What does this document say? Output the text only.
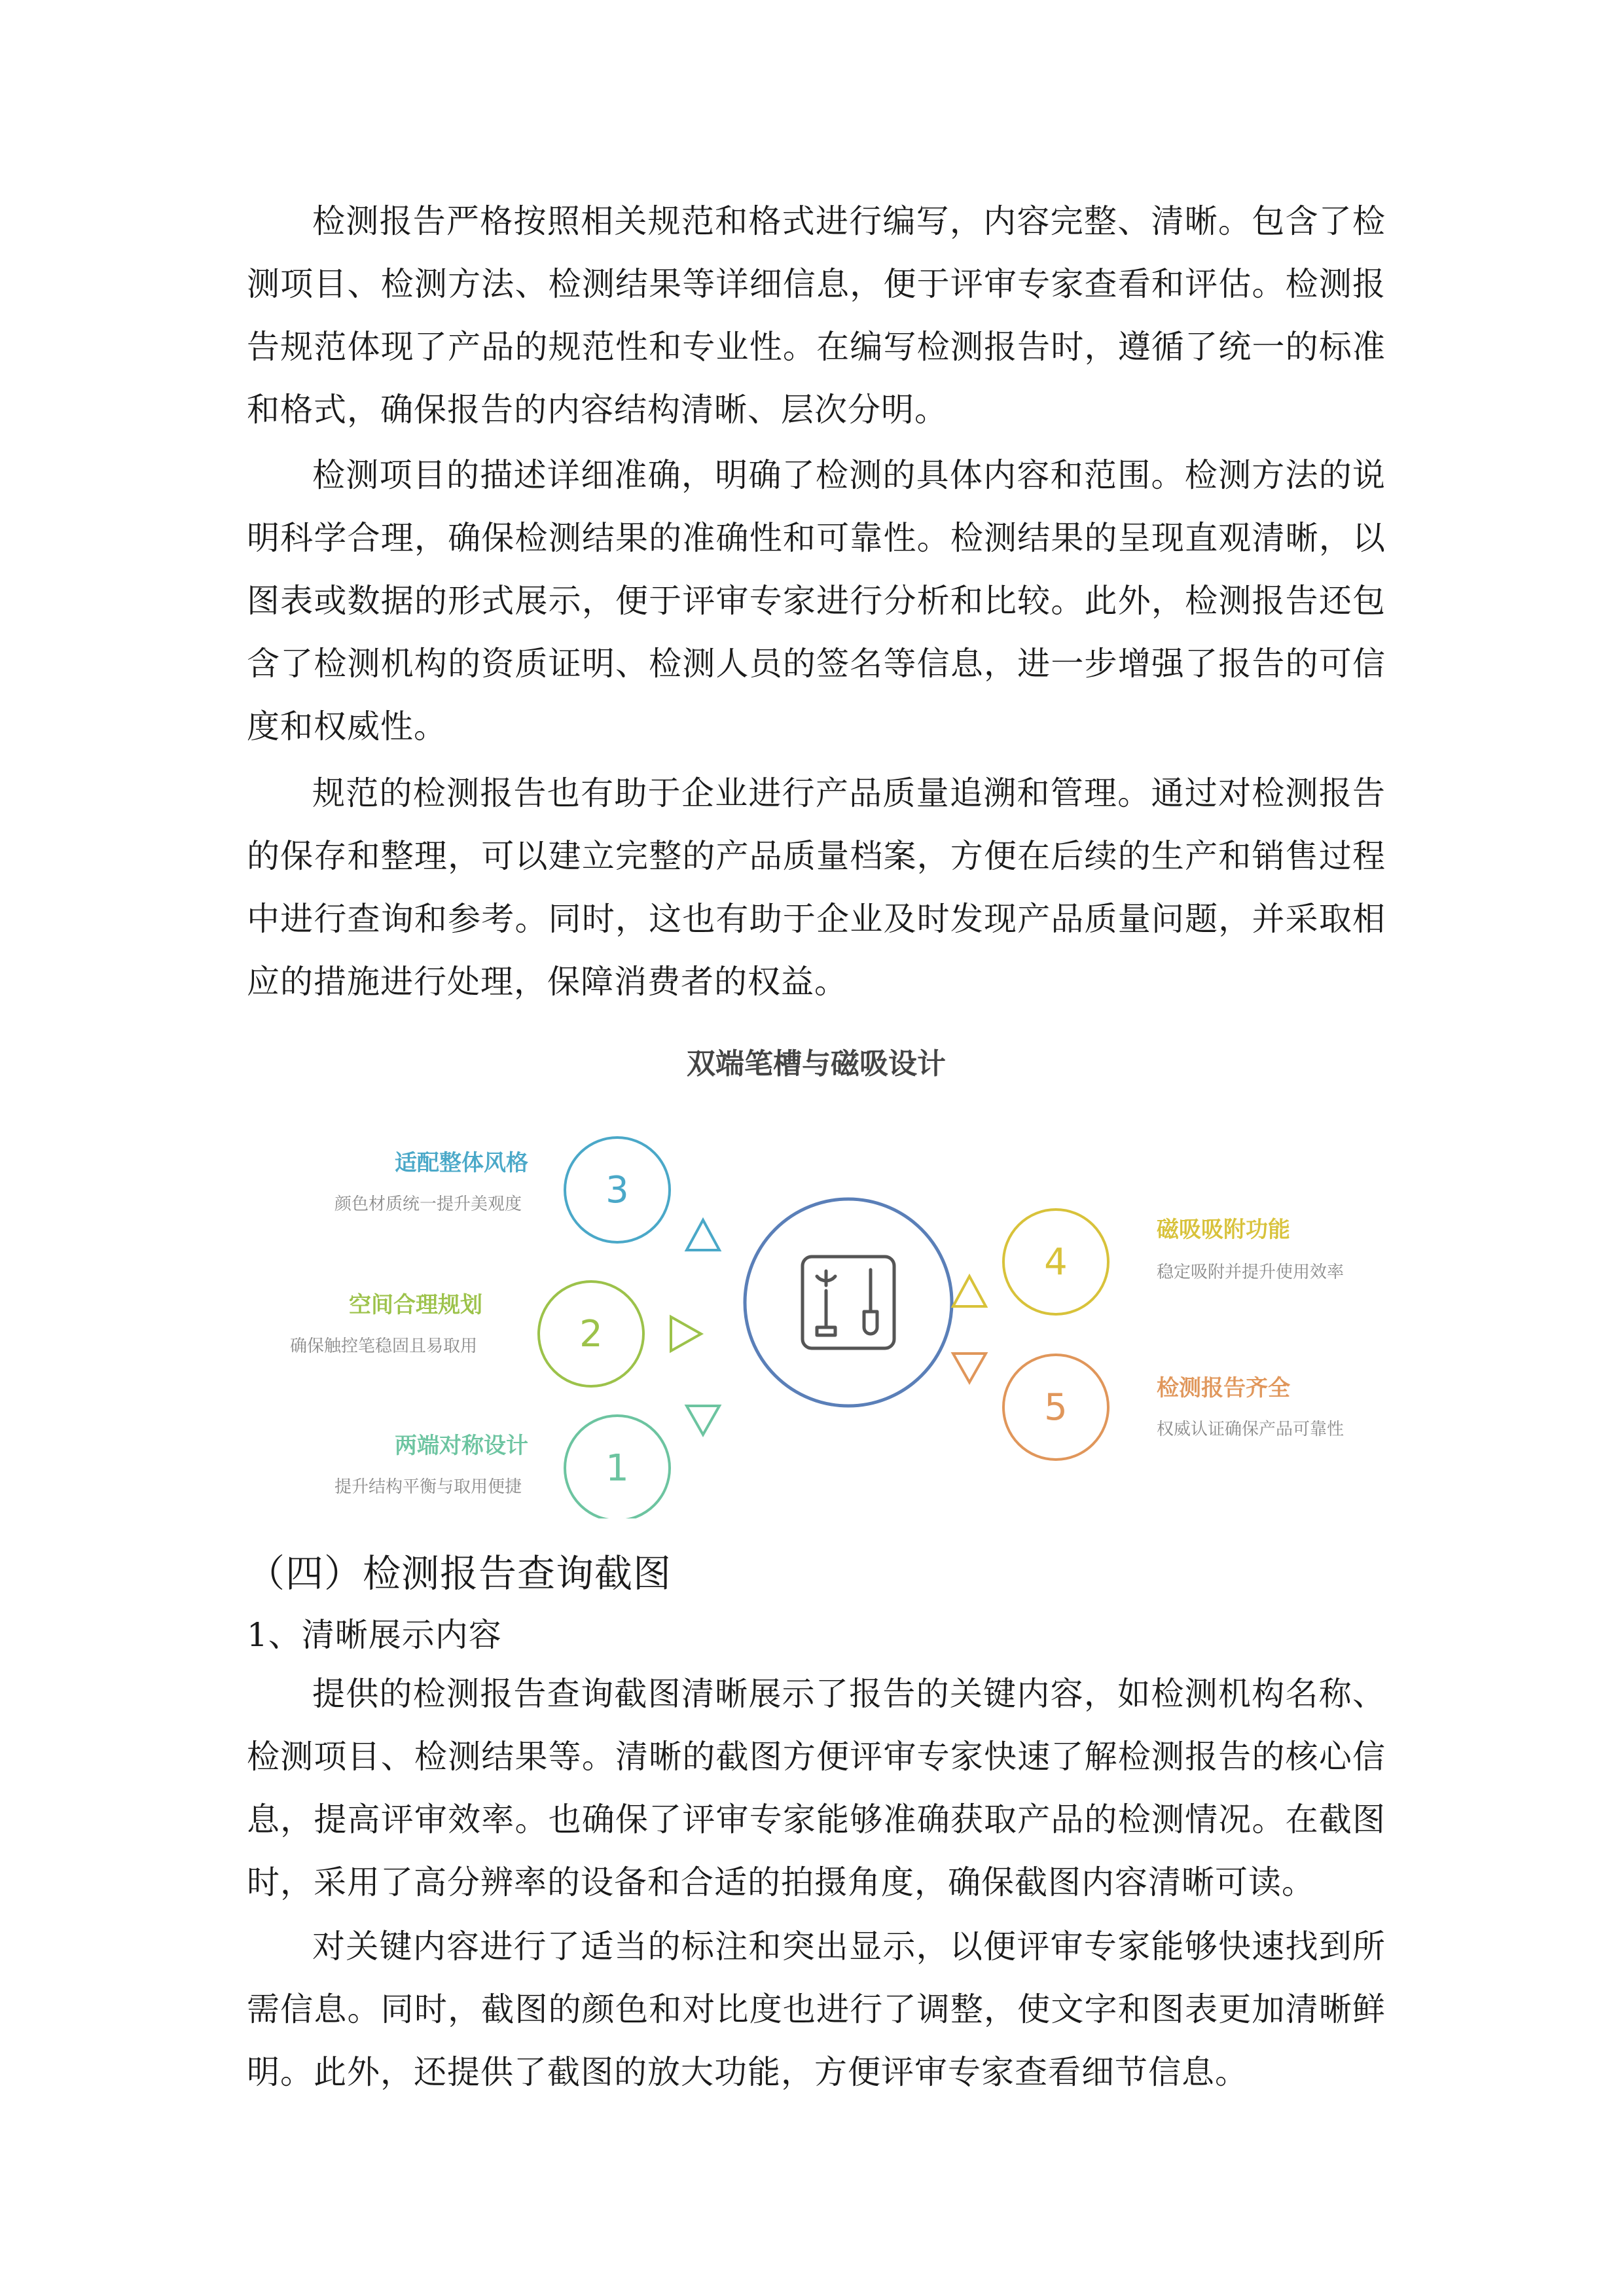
检测报告严格按照相关规范和格式进行编写，内容完整、清晰。包含了检测项目、检测方法、检测结果等详细信息，便于评审专家查看和评估。检测报告规范体现了产品的规范性和专业性。在编写检测报告时，遵循了统一的标准和格式，确保报告的内容结构清晰、层次分明。

检测项目的描述详细准确，明确了检测的具体内容和范围。检测方法的说明科学合理，确保检测结果的准确性和可靠性。检测结果的呈现直观清晰，以图表或数据的形式展示，便于评审专家进行分析和比较。此外，检测报告还包含了检测机构的资质证明、检测人员的签名等信息，进一步增强了报告的可信度和权威性。

规范的检测报告也有助于企业进行产品质量追溯和管理。通过对检测报告的保存和整理，可以建立完整的产品质量档案，方便在后续的生产和销售过程中进行查询和参考。同时，这也有助于企业及时发现产品质量问题，并采取相应的措施进行处理，保障消费者的权益。

双端笔槽与磁吸设计
3
2
1
4
5
适配整体风格
颜色材质统一提升美观度
空间合理规划
确保触控笔稳固且易取用
两端对称设计
提升结构平衡与取用便捷
磁吸吸附功能
稳定吸附并提升使用效率
检测报告齐全
权威认证确保产品可靠性
（四）检测报告查询截图
1、清晰展示内容

提供的检测报告查询截图清晰展示了报告的关键内容，如检测机构名称、检测项目、检测结果等。清晰的截图方便评审专家快速了解检测报告的核心信息，提高评审效率。也确保了评审专家能够准确获取产品的检测情况。在截图时，采用了高分辨率的设备和合适的拍摄角度，确保截图内容清晰可读。

对关键内容进行了适当的标注和突出显示，以便评审专家能够快速找到所需信息。同时，截图的颜色和对比度也进行了调整，使文字和图表更加清晰鲜明。此外，还提供了截图的放大功能，方便评审专家查看细节信息。
